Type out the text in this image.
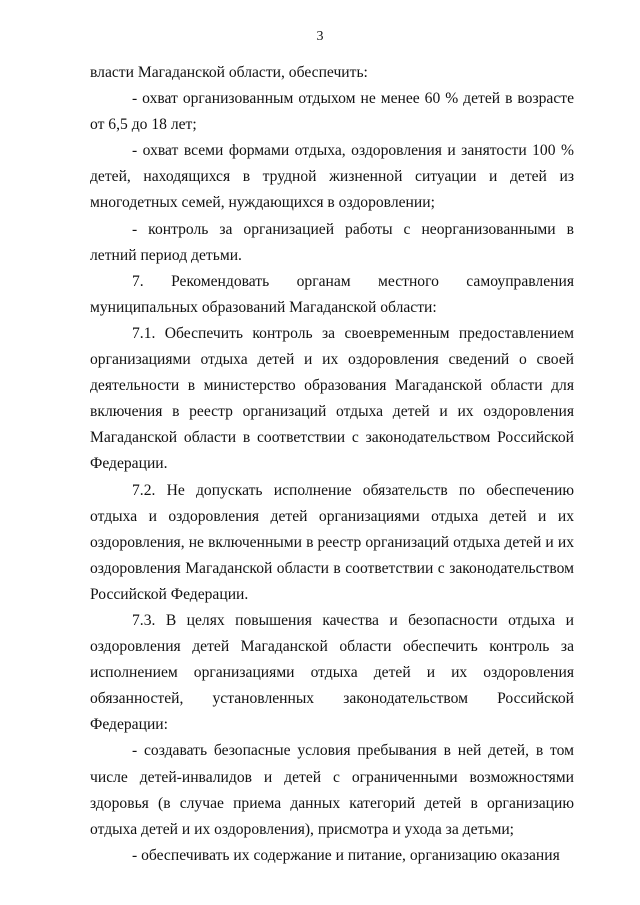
3

власти Магаданской области, обеспечить:

- охват организованным отдыхом не менее 60 % детей в возрасте от 6,5 до 18 лет;

- охват всеми формами отдыха, оздоровления и занятости 100 % детей, находящихся в трудной жизненной ситуации и детей из многодетных семей, нуждающихся в оздоровлении;

- контроль за организацией работы с неорганизованными в летний период детьми.

7. Рекомендовать органам местного самоуправления муниципальных образований Магаданской области:

7.1. Обеспечить контроль за своевременным предоставлением организациями отдыха детей и их оздоровления сведений о своей деятельности в министерство образования Магаданской области для включения в реестр организаций отдыха детей и их оздоровления Магаданской области в соответствии с законодательством Российской Федерации.

7.2. Не допускать исполнение обязательств по обеспечению отдыха и оздоровления детей организациями отдыха детей и их оздоровления, не включенными в реестр организаций отдыха детей и их оздоровления Магаданской области в соответствии с законодательством Российской Федерации.

7.3. В целях повышения качества и безопасности отдыха и оздоровления детей Магаданской области обеспечить контроль за исполнением организациями отдыха детей и их оздоровления обязанностей, установленных законодательством Российской Федерации:

- создавать безопасные условия пребывания в ней детей, в том числе детей-инвалидов и детей с ограниченными возможностями здоровья (в случае приема данных категорий детей в организацию отдыха детей и их оздоровления), присмотра и ухода за детьми;

- обеспечивать их содержание и питание, организацию оказания
